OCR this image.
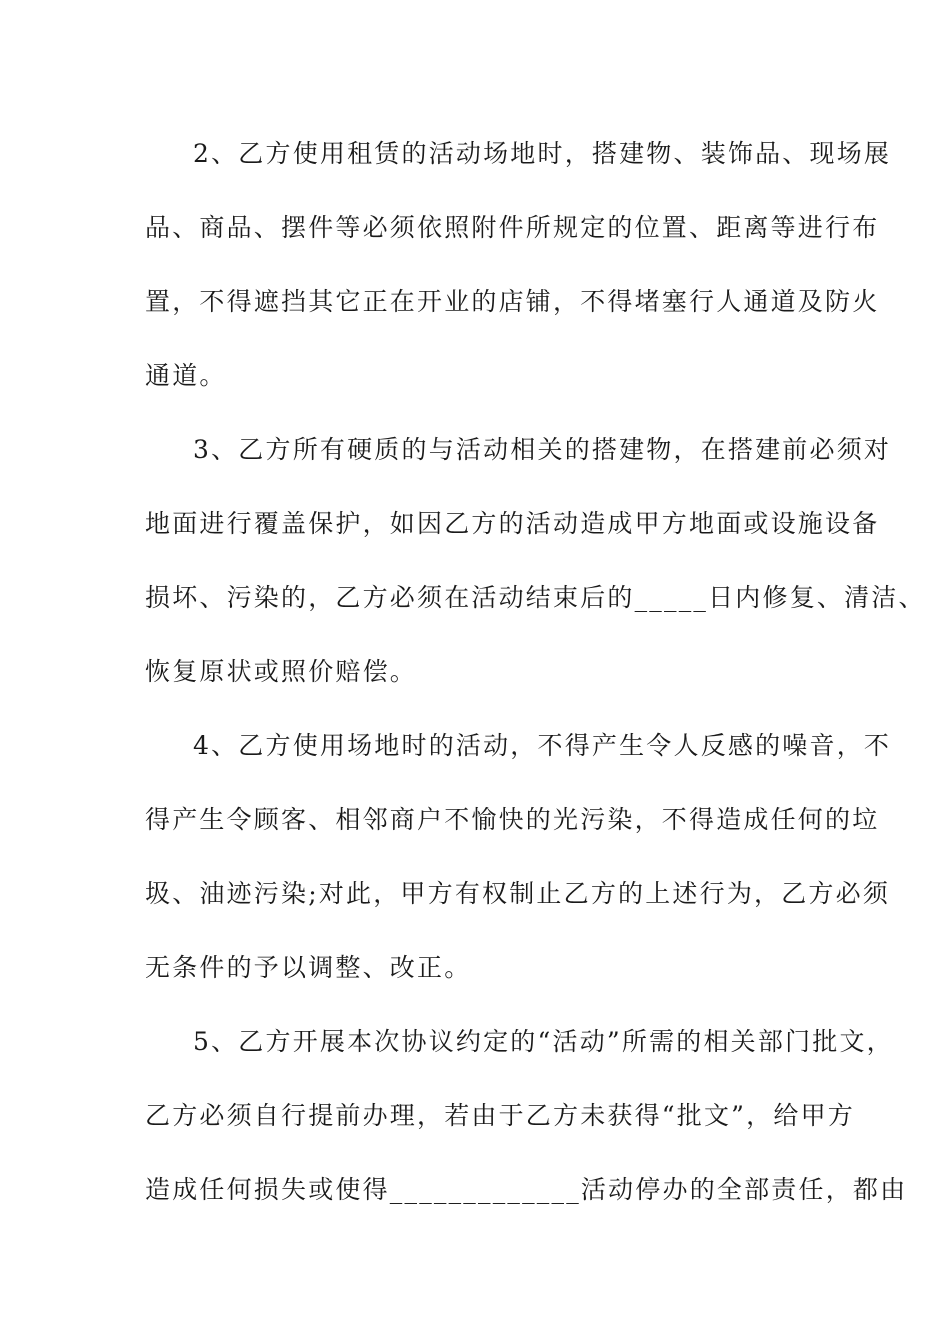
2、乙方使用租赁的活动场地时，搭建物、装饰品、现场展
品、商品、摆件等必须依照附件所规定的位置、距离等进行布
置，不得遮挡其它正在开业的店铺，不得堵塞行人通道及防火
通道。
3、乙方所有硬质的与活动相关的搭建物，在搭建前必须对
地面进行覆盖保护，如因乙方的活动造成甲方地面或设施设备
损坏、污染的，乙方必须在活动结束后的_____日内修复、清洁、
恢复原状或照价赔偿。
4、乙方使用场地时的活动，不得产生令人反感的噪音，不
得产生令顾客、相邻商户不愉快的光污染，不得造成任何的垃
圾、油迹污染;对此，甲方有权制止乙方的上述行为，乙方必须
无条件的予以调整、改正。
5、乙方开展本次协议约定的“活动”所需的相关部门批文，
乙方必须自行提前办理，若由于乙方未获得“批文”，给甲方
造成任何损失或使得_____________活动停办的全部责任，都由
